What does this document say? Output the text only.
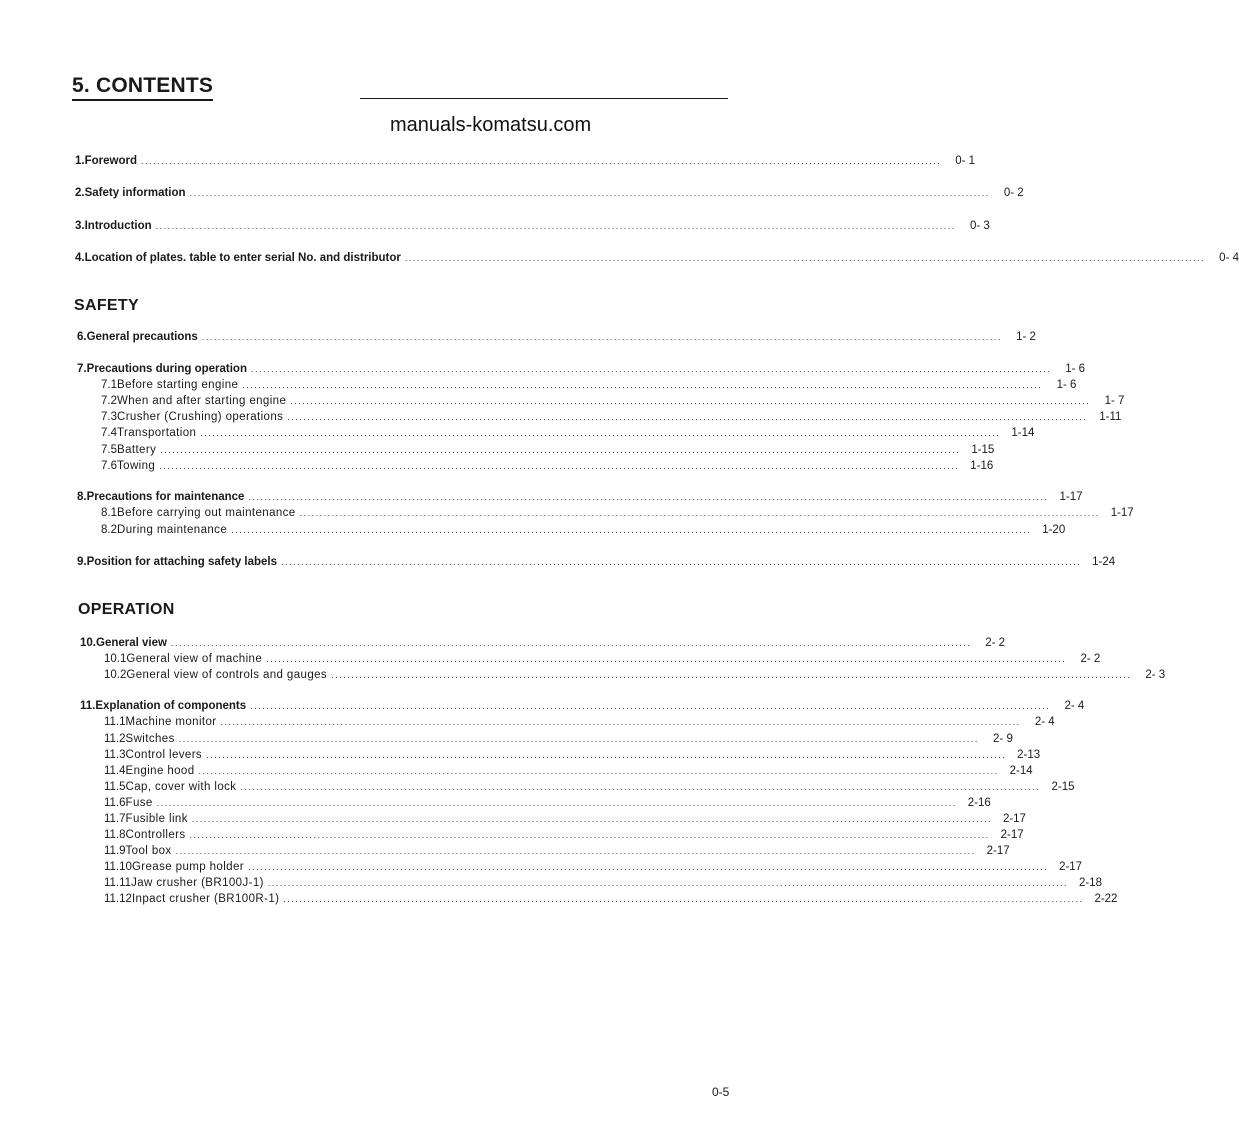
5. CONTENTS
manuals-komatsu.com
1. Foreword ........................................................................................................................................................................................................	0- 1
2. Safety information ........................................................................................................................................................................................................	0- 2
3. Introduction ........................................................................................................................................................................................................	0- 3
4. Location of plates. table to enter serial No. and distributor ........................................................................................................................................................................................................	0- 4
SAFETY
6. General precautions ........................................................................................................................................................................................................	1- 2
7. Precautions during operation ........................................................................................................................................................................................................	1- 6
7.1 Before starting engine ........................................................................................................................................................................................................	1- 6
7.2 When and after starting engine ........................................................................................................................................................................................................	1- 7
7.3 Crusher (Crushing) operations ........................................................................................................................................................................................................	1-11
7.4 Transportation ........................................................................................................................................................................................................ 1-14
7.5 Battery ........................................................................................................................................................................................................ 1-15
7.6 Towing ........................................................................................................................................................................................................ 1-16
8. Precautions for maintenance ........................................................................................................................................................................................................ 1-17
8.1 Before carrying out maintenance ........................................................................................................................................................................................................ 1-17
8.2 During maintenance ........................................................................................................................................................................................................ 1-20
9. Position for attaching safety labels ........................................................................................................................................................................................................ 1-24
OPERATION
10. General view ........................................................................................................................................................................................................	2- 2
10.1 General view of machine ........................................................................................................................................................................................................	2- 2
10.2 General view of controls and gauges ........................................................................................................................................................................................................	2- 3
11. Explanation of components ........................................................................................................................................................................................................	2- 4
11.1 Machine monitor ........................................................................................................................................................................................................	2- 4
11.2 Switches ........................................................................................................................................................................................................	2- 9
11.3 Control levers ........................................................................................................................................................................................................ 2-13
11.4 Engine hood ........................................................................................................................................................................................................ 2-14
11.5 Cap, cover with lock ........................................................................................................................................................................................................ 2-15
11.6 Fuse ........................................................................................................................................................................................................ 2-16
11.7 Fusible link ........................................................................................................................................................................................................ 2-17
11.8 Controllers ........................................................................................................................................................................................................ 2-17
11.9 Tool box ........................................................................................................................................................................................................ 2-17
11.10 Grease pump holder ........................................................................................................................................................................................................ 2-17
11.11 Jaw crusher (BR100J-1) ........................................................................................................................................................................................................ 2-18
11.12 Inpact crusher (BR100R-1) ........................................................................................................................................................................................................ 2-22
0-5
